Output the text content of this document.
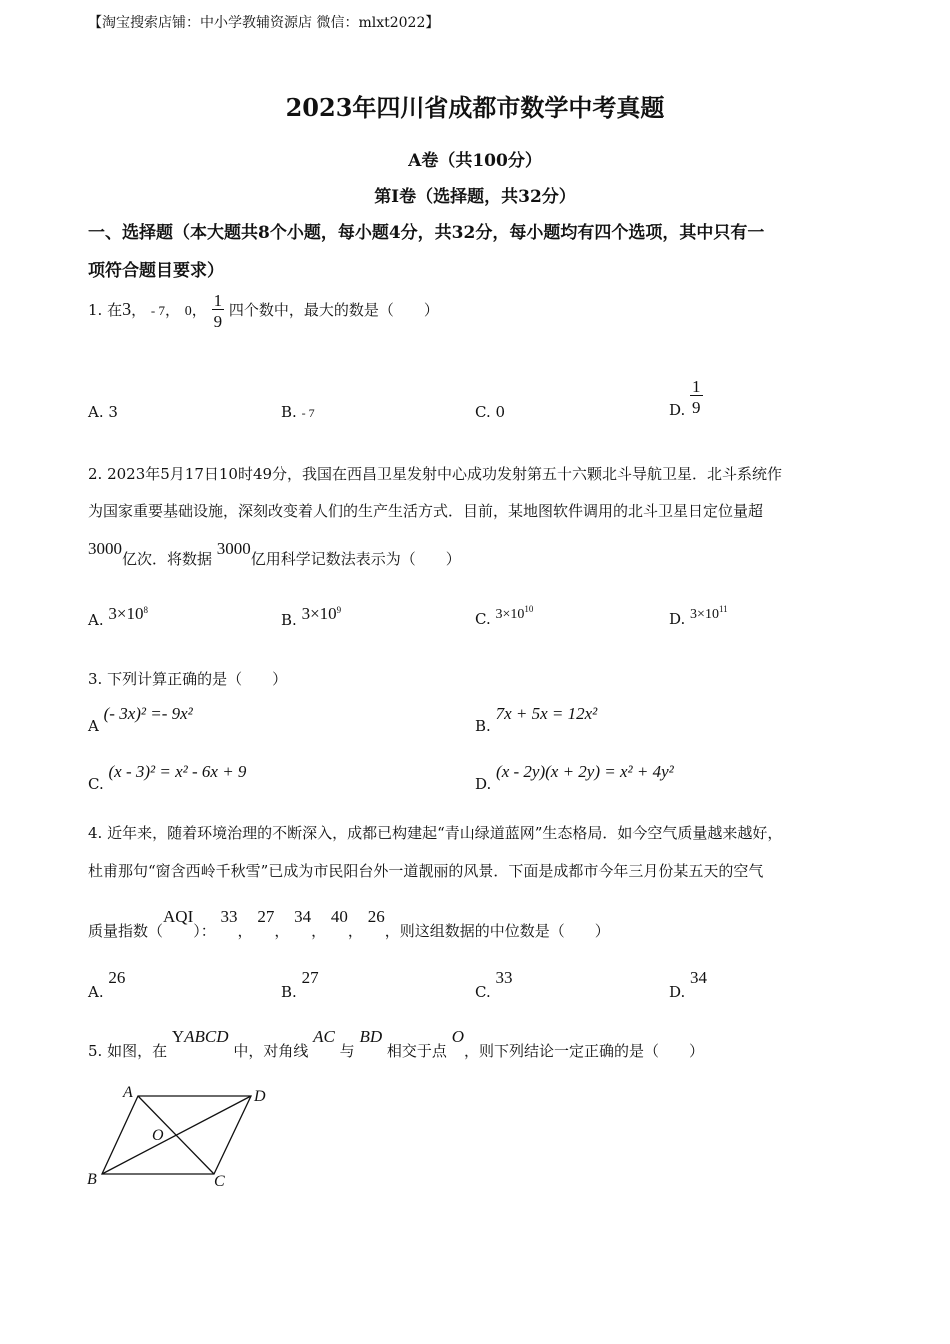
【淘宝搜索店铺：中小学教辅资源店 微信：mlxt2022】
2023年四川省成都市数学中考真题
A卷（共100分）
第I卷（选择题，共32分）
一、选择题（本大题共8个小题，每小题4分，共32分，每小题均有四个选项，其中只有一
项符合题目要求）
1. 在3， - 7， 0， $\frac{1}{9}$ 四个数中，最大的数是（　　）
A. 3	B. - 7	C. 0	D. $\frac{1}{9}$
2. 2023年5月17日10时49分，我国在西昌卫星发射中心成功发射第五十六颗北斗导航卫星．北斗系统作
为国家重要基础设施，深刻改变着人们的生产生活方式．目前，某地图软件调用的北斗卫星日定位量超
3000亿次．将数据 3000亿用科学记数法表示为（　　）
A. $3\times 10^8$
B. $3\times 10^9$	C. $3\times 10^{10}$
D. $3\times 10^{11}$
3. 下列计算正确的是（　　）
A (- 3x)² =- 9x²
B. 7x + 5x = 12x²
C. (x - 3)² = x² - 6x + 9
D. (x - 2y)(x + 2y) = x² + 4y²
4. 近年来，随着环境治理的不断深入，成都已构建起“青山绿道蓝网”生态格局．如今空气质量越来越好，
杜甫那句“窗含西岭千秋雪”已成为市民阳台外一道靓丽的风景．下面是成都市今年三月份某五天的空气
质量指数（AQI）： 33， 27， 34， 40， 26，则这组数据的中位数是（　　）
A. 26
B. 27
C. 33
D. 34
5. 如图，在 YABCD 中，对角线 AC 与 BD 相交于点 O，则下列结论一定正确的是（　　）
A	D
O
B	C
